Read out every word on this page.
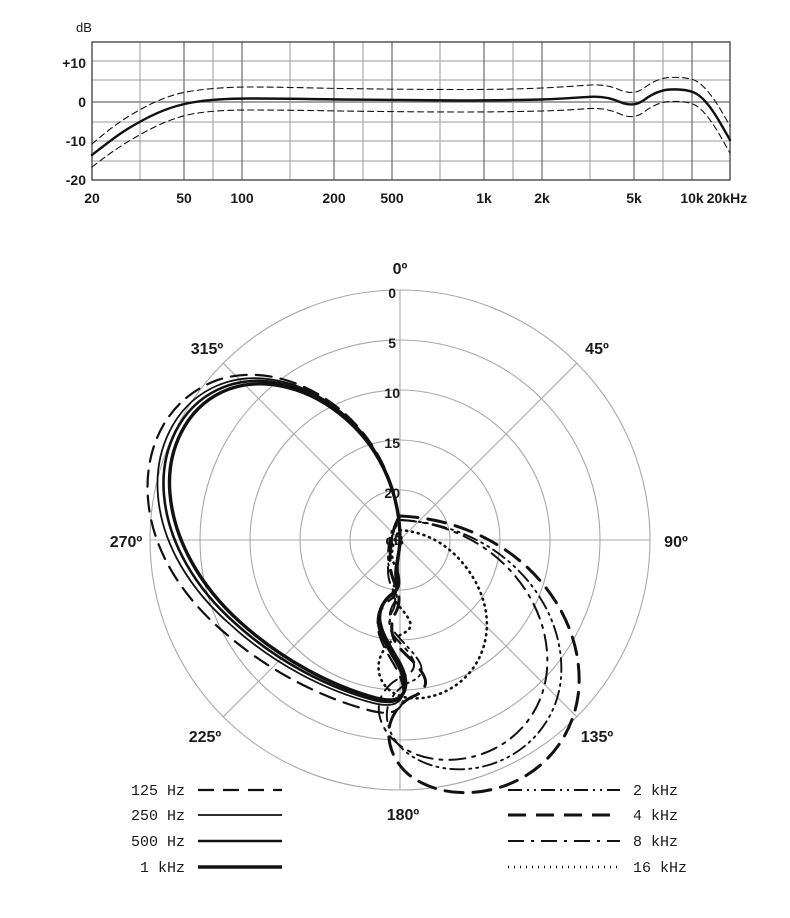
dB
+10
0
-10
-20
20	50	100	200 500	1k	2k	5k	10k 20kHz
0º
45º
90º
135º
180º
225º
270º
315º
0
5
10
15
20
dB
125 Hz
250 Hz
500 Hz
1 kHz
2 kHz
4 kHz
8 kHz
16 kHz
